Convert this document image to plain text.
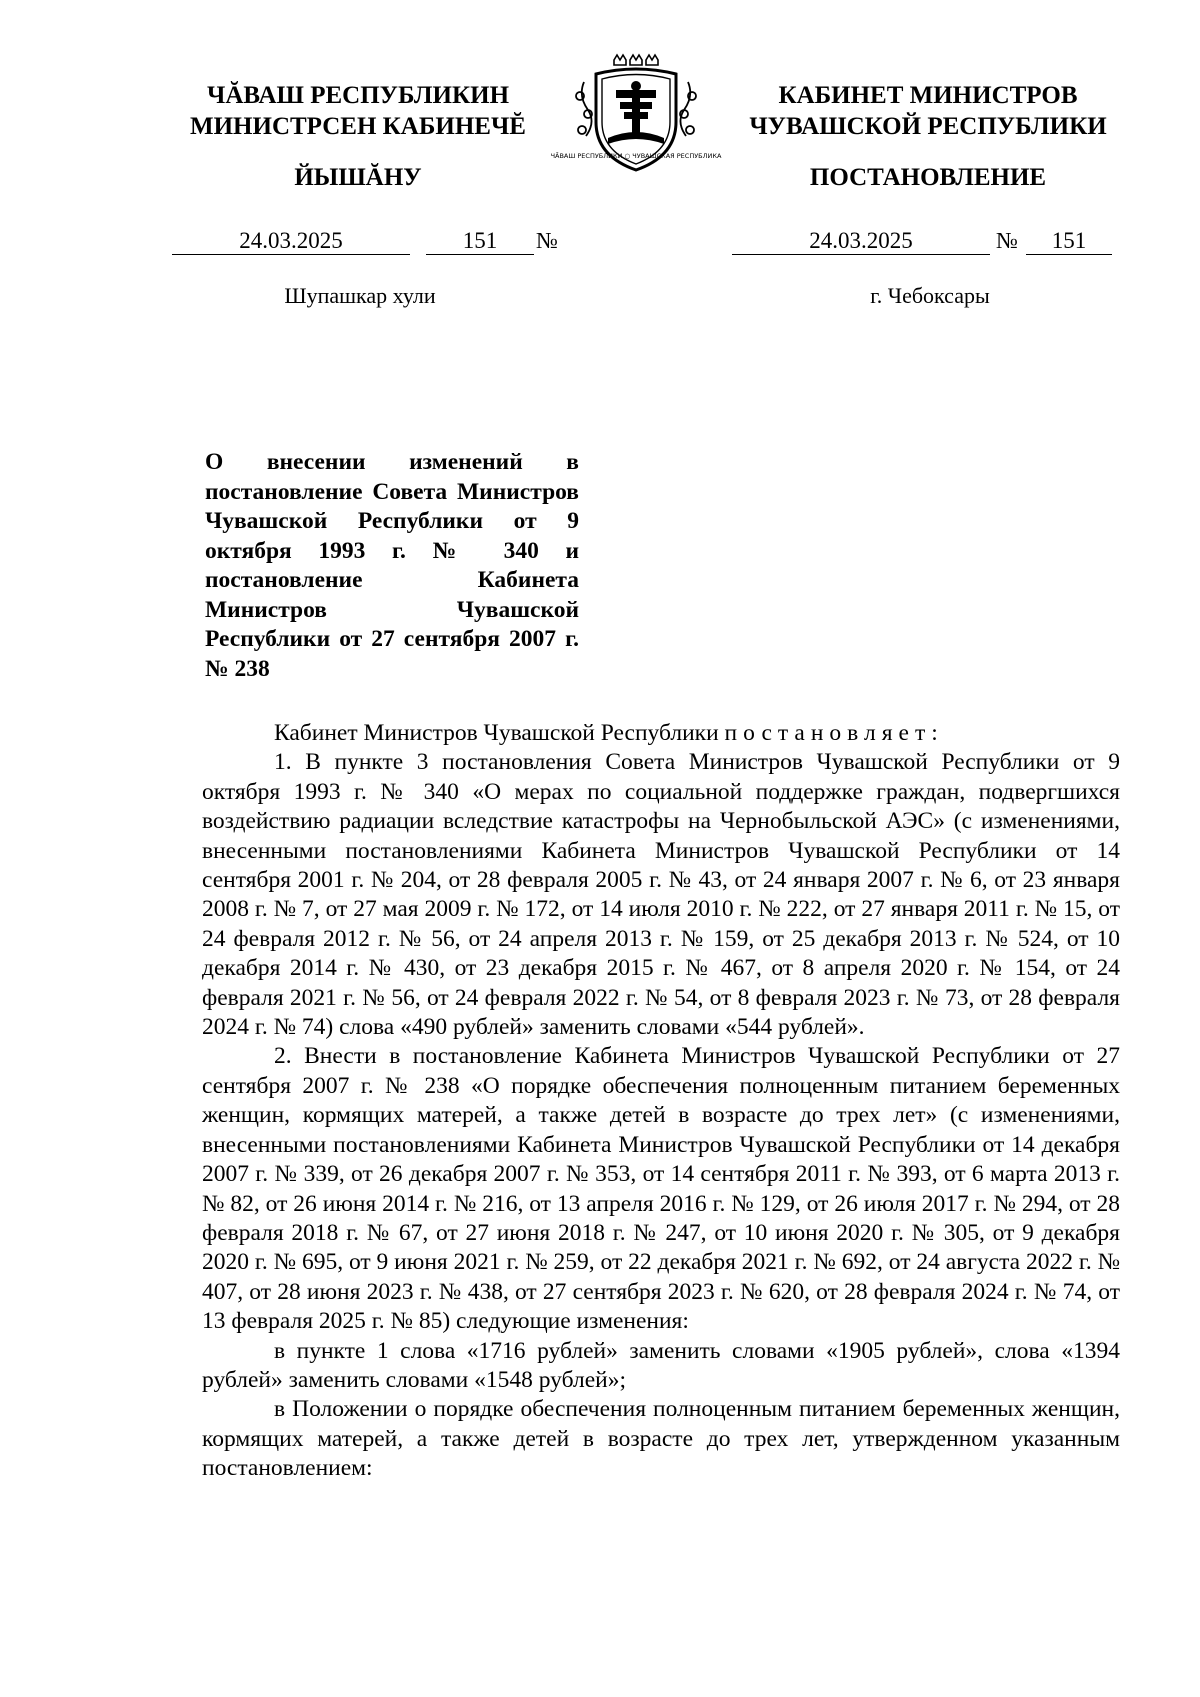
ЧĂВАШ РЕСПУБЛИКИН
МИНИСТРСЕН КАБИНЕЧĔ
ЙЫШĂНУ
КАБИНЕТ МИНИСТРОВ
ЧУВАШСКОЙ РЕСПУБЛИКИ
ПОСТАНОВЛЕНИЕ
ЧĂВАШ РЕСПУБЛИКИ ○ ЧУВАШСКАЯ РЕСПУБЛИКА
24.03.2025	151	№	24.03.2025	№	151
Шупашкар хули	г. Чебоксары
О внесении изменений в постановление Совета Министров Чувашской Республики от 9 октября 1993 г. № 340 и постановление Кабинета Министров Чувашской Республики от 27 сентября 2007 г. № 238

Кабинет Министров Чувашской Республики постановляет:

1. В пункте 3 постановления Совета Министров Чувашской Республики от 9 октября 1993 г. № 340 «О мерах по социальной поддержке граждан, подвергшихся воздействию радиации вследствие катастрофы на Чернобыльской АЭС» (с изменениями, внесенными постановлениями Кабинета Министров Чувашской Республики от 14 сентября 2001 г. № 204, от 28 февраля 2005 г. № 43, от 24 января 2007 г. № 6, от 23 января 2008 г. № 7, от 27 мая 2009 г. № 172, от 14 июля 2010 г. № 222, от 27 января 2011 г. № 15, от 24 февраля 2012 г. № 56, от 24 апреля 2013 г. № 159, от 25 декабря 2013 г. № 524, от 10 декабря 2014 г. № 430, от 23 декабря 2015 г. № 467, от 8 апреля 2020 г. № 154, от 24 февраля 2021 г. № 56, от 24 февраля 2022 г. № 54, от 8 февраля 2023 г. № 73, от 28 февраля 2024 г. № 74) слова «490 рублей» заменить словами «544 рублей».

2. Внести в постановление Кабинета Министров Чувашской Республики от 27 сентября 2007 г. № 238 «О порядке обеспечения полноценным питанием беременных женщин, кормящих матерей, а также детей в возрасте до трех лет» (с изменениями, внесенными постановлениями Кабинета Министров Чувашской Республики от 14 декабря 2007 г. № 339, от 26 декабря 2007 г. № 353, от 14 сентября 2011 г. № 393, от 6 марта 2013 г. № 82, от 26 июня 2014 г. № 216, от 13 апреля 2016 г. № 129, от 26 июля 2017 г. № 294, от 28 февраля 2018 г. № 67, от 27 июня 2018 г. № 247, от 10 июня 2020 г. № 305, от 9 декабря 2020 г. № 695, от 9 июня 2021 г. № 259, от 22 декабря 2021 г. № 692, от 24 августа 2022 г. № 407, от 28 июня 2023 г. № 438, от 27 сентября 2023 г. № 620, от 28 февраля 2024 г. № 74, от 13 февраля 2025 г. № 85) следующие изменения:

в пункте 1 слова «1716 рублей» заменить словами «1905 рублей», слова «1394 рублей» заменить словами «1548 рублей»;

в Положении о порядке обеспечения полноценным питанием беременных женщин, кормящих матерей, а также детей в возрасте до трех лет, утвержденном указанным постановлением:
